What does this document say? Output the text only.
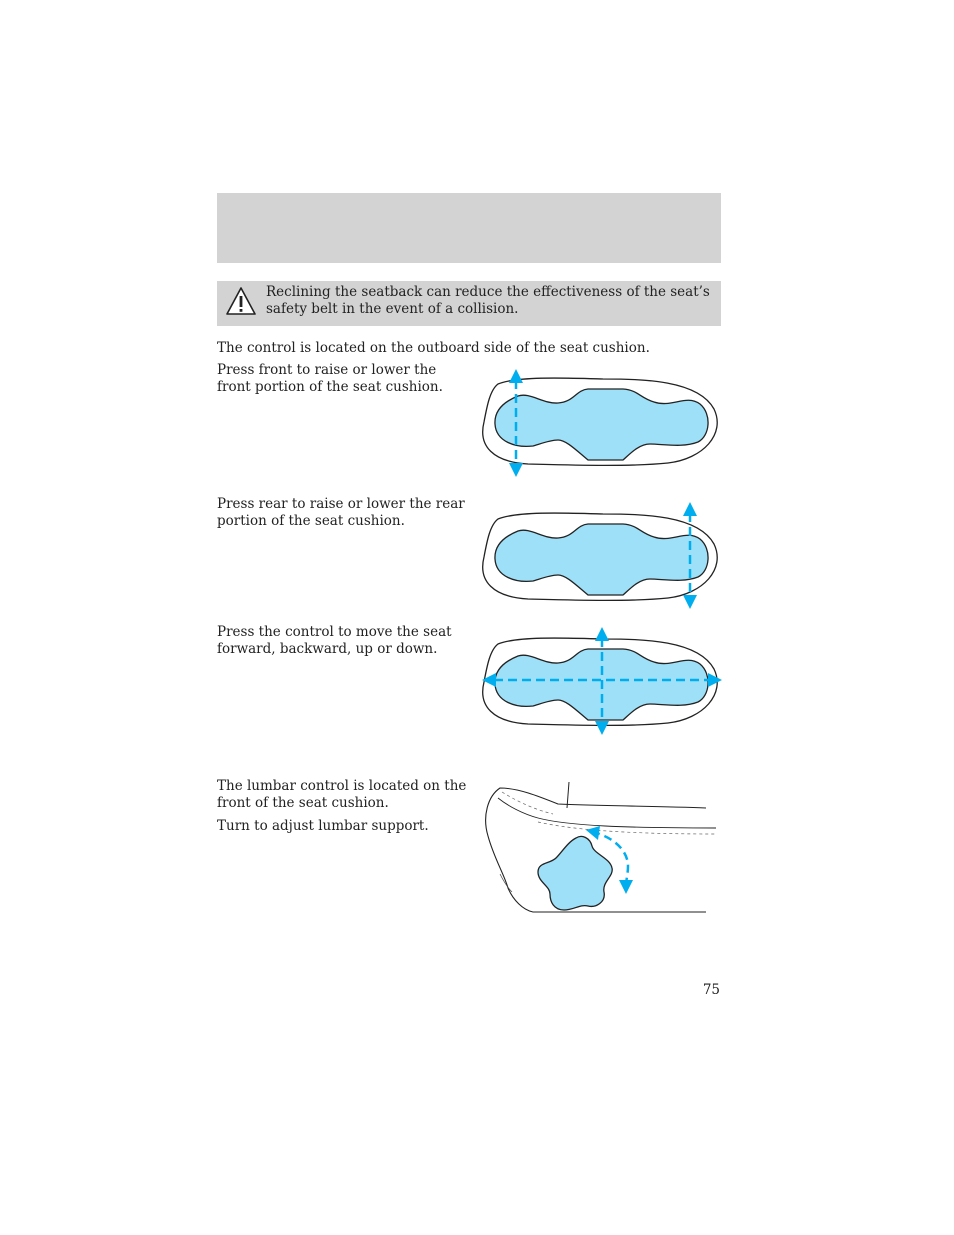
Reclining the seatback can reduce the effectiveness of the seat’s safety belt in the event of a collision.
The control is located on the outboard side of the seat cushion.
Press front to raise or lower the front portion of the seat cushion.
Press rear to raise or lower the rear portion of the seat cushion.
Press the control to move the seat forward, backward, up or down.
The lumbar control is located on the front of the seat cushion.
Turn to adjust lumbar support.
75
